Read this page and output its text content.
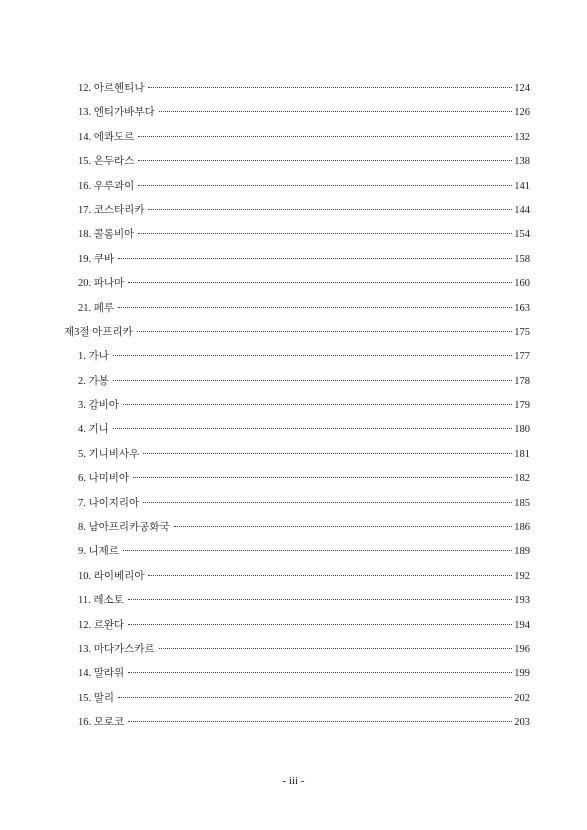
12. 아르헨티나	124
13. 엔티가바부다	126
14. 에콰도르	132
15. 온두라스	138
16. 우루과이	141
17. 코스타리카	144
18. 콜롬비아	154
19. 쿠바	158
20. 파나마	160
21. 페루	163
제3절 아프리카	175
1. 가나	177
2. 가봉	178
3. 감비아	179
4. 기니	180
5. 기니비사우	181
6. 나미비아	182
7. 나이지리아	185
8. 남아프리카공화국	186
9. 니제르	189
10. 라이베리아	192
11. 레소토	193
12. 르완다	194
13. 마다가스카르	196
14. 말라위	199
15. 말리	202
16. 모로코	203
- iii -
